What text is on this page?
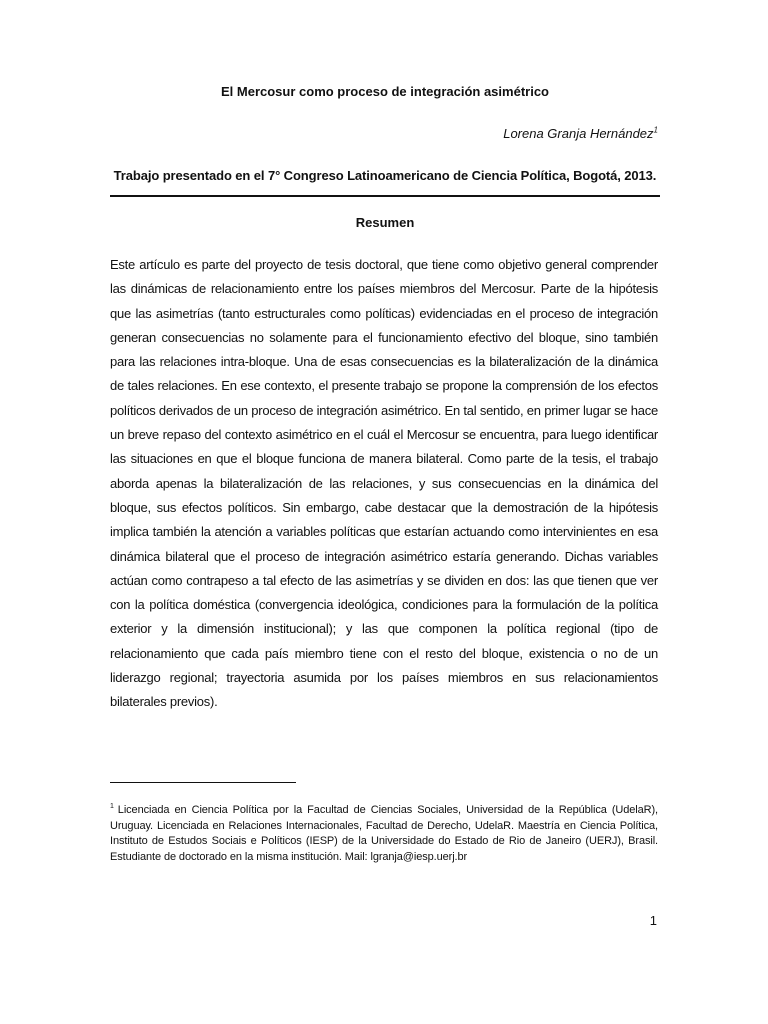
El Mercosur como proceso de integración asimétrico
Lorena Granja Hernández$^1$
Trabajo presentado en el 7° Congreso Latinoamericano de Ciencia Política, Bogotá, 2013.
Resumen

Este artículo es parte del proyecto de tesis doctoral, que tiene como objetivo general comprender las dinámicas de relacionamiento entre los países miembros del Mercosur. Parte de la hipótesis que las asimetrías (tanto estructurales como políticas) evidenciadas en el proceso de integración generan consecuencias no solamente para el funcionamiento efectivo del bloque, sino también para las relaciones intra-bloque. Una de esas consecuencias es la bilateralización de la dinámica de tales relaciones. En ese contexto, el presente trabajo se propone la comprensión de los efectos políticos derivados de un proceso de integración asimétrico. En tal sentido, en primer lugar se hace un breve repaso del contexto asimétrico en el cuál el Mercosur se encuentra, para luego identificar las situaciones en que el bloque funciona de manera bilateral. Como parte de la tesis, el trabajo aborda apenas la bilateralización de las relaciones, y sus consecuencias en la dinámica del bloque, sus efectos políticos. Sin embargo, cabe destacar que la demostración de la hipótesis implica también la atención a variables políticas que estarían actuando como intervinientes en esa dinámica bilateral que el proceso de integración asimétrico estaría generando. Dichas variables actúan como contrapeso a tal efecto de las asimetrías y se dividen en dos: las que tienen que ver con la política doméstica (convergencia ideológica, condiciones para la formulación de la política exterior y la dimensión institucional); y las que componen la política regional (tipo de relacionamiento que cada país miembro tiene con el resto del bloque, existencia o no de un liderazgo regional; trayectoria asumida por los países miembros en sus relacionamientos bilaterales previos).

$^1$ Licenciada en Ciencia Política por la Facultad de Ciencias Sociales, Universidad de la República (UdelaR), Uruguay. Licenciada en Relaciones Internacionales, Facultad de Derecho, UdelaR. Maestría en Ciencia Política, Instituto de Estudos Sociais e Políticos (IESP) de la Universidade do Estado de Rio de Janeiro (UERJ), Brasil. Estudiante de doctorado en la misma institución. Mail: lgranja@iesp.uerj.br

1
